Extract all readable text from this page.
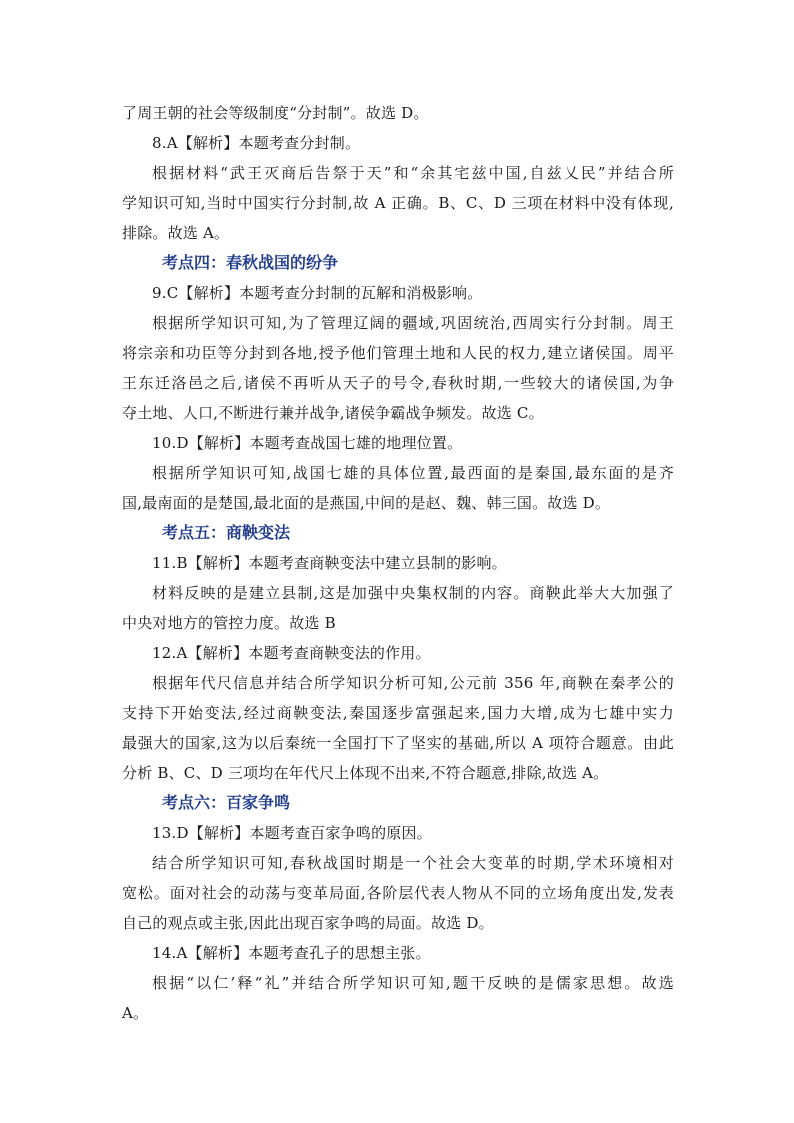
了周王朝的社会等级制度“分封制”。故选 D。
8.A【解析】本题考查分封制。
根据材料“武王灭商后告祭于天”和“余其宅兹中国,自兹乂民”并结合所
学知识可知,当时中国实行分封制,故 A 正确。B、C、D 三项在材料中没有体现,
排除。故选 A。
考点四：春秋战国的纷争
9.C【解析】本题考查分封制的瓦解和消极影响。
根据所学知识可知,为了管理辽阔的疆域,巩固统治,西周实行分封制。周王
将宗亲和功臣等分封到各地,授予他们管理土地和人民的权力,建立诸侯国。周平
王东迁洛邑之后,诸侯不再听从天子的号令,春秋时期,一些较大的诸侯国,为争
夺土地、人口,不断进行兼并战争,诸侯争霸战争频发。故选 C。
10.D【解析】本题考查战国七雄的地理位置。
根据所学知识可知,战国七雄的具体位置,最西面的是秦国,最东面的是齐
国,最南面的是楚国,最北面的是燕国,中间的是赵、魏、韩三国。故选 D。
考点五：商鞅变法
11.B【解析】本题考查商鞅变法中建立县制的影响。
材料反映的是建立县制,这是加强中央集权制的内容。商鞅此举大大加强了
中央对地方的管控力度。故选 B
12.A【解析】本题考查商鞅变法的作用。
根据年代尺信息并结合所学知识分析可知,公元前 356 年,商鞅在秦孝公的
支持下开始变法,经过商鞅变法,秦国逐步富强起来,国力大增,成为七雄中实力
最强大的国家,这为以后秦统一全国打下了坚实的基础,所以 A 项符合题意。由此
分析 B、C、D 三项均在年代尺上体现不出来,不符合题意,排除,故选 A。
考点六：百家争鸣
13.D【解析】本题考查百家争鸣的原因。
结合所学知识可知,春秋战国时期是一个社会大变革的时期,学术环境相对
宽松。面对社会的动荡与变革局面,各阶层代表人物从不同的立场角度出发,发表
自己的观点或主张,因此出现百家争鸣的局面。故选 D。
14.A【解析】本题考查孔子的思想主张。
根据“以仁’释“礼”并结合所学知识可知,题干反映的是儒家思想。故选
A。
